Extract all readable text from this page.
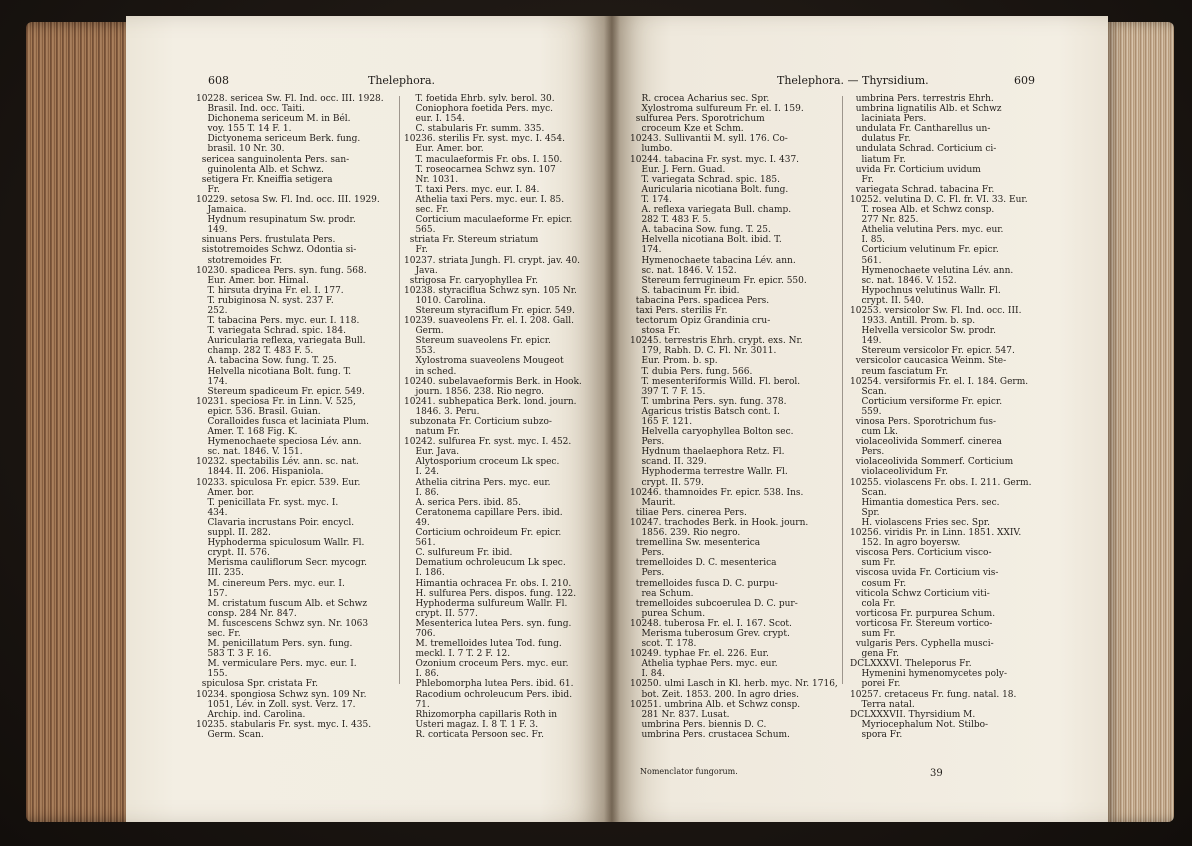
608	Thelephora.
10228. sericea Sw. Fl. Ind. occ. III. 1928.
Brasil. Ind. occ. Taiti.
Dichonema sericeum M. in Bél.
voy. 155 T. 14 F. 1.
Dictyonema sericeum Berk. fung.
brasil. 10 Nr. 30.
sericea sanguinolenta Pers. san-
guinolenta Alb. et Schwz.
setigera Fr. Kneiffia setigera
Fr.
10229. setosa Sw. Fl. Ind. occ. III. 1929.
Jamaica.
Hydnum resupinatum Sw. prodr.
149.
sinuans Pers. frustulata Pers.
sistotremoides Schwz. Odontia si-
stotremoides Fr.
10230. spadicea Pers. syn. fung. 568.
Eur. Amer. bor. Himal.
T. hirsuta dryina Fr. el. I. 177.
T. rubiginosa N. syst. 237 F.
252.
T. tabacina Pers. myc. eur. I. 118.
T. variegata Schrad. spic. 184.
Auricularia reflexa, variegata Bull.
champ. 282 T. 483 F. 5.
A. tabacina Sow. fung. T. 25.
Helvella nicotiana Bolt. fung. T.
174.
Stereum spadiceum Fr. epicr. 549.
10231. speciosa Fr. in Linn. V. 525,
epicr. 536. Brasil. Guian.
Coralloides fusca et laciniata Plum.
Amer. T. 168 Fig. K.
Hymenochaete speciosa Lév. ann.
sc. nat. 1846. V. 151.
10232. spectabilis Lév. ann. sc. nat.
1844. II. 206. Hispaniola.
10233. spiculosa Fr. epicr. 539. Eur.
Amer. bor.
T. penicillata Fr. syst. myc. I.
434.
Clavaria incrustans Poir. encycl.
suppl. II. 282.
Hyphoderma spiculosum Wallr. Fl.
crypt. II. 576.
Merisma cauliflorum Secr. mycogr.
III. 235.
M. cinereum Pers. myc. eur. I.
157.
M. cristatum fuscum Alb. et Schwz
consp. 284 Nr. 847.
M. fuscescens Schwz syn. Nr. 1063
sec. Fr.
M. penicillatum Pers. syn. fung.
583 T. 3 F. 16.
M. vermiculare Pers. myc. eur. I.
155.
spiculosa Spr. cristata Fr.
10234. spongiosa Schwz syn. 109 Nr.
1051, Lév. in Zoll. syst. Verz. 17.
Archip. ind. Carolina.
10235. stabularis Fr. syst. myc. I. 435.
Germ. Scan.
T. foetida Ehrb. sylv. berol. 30.
Coniophora foetida Pers. myc.
eur. I. 154.
C. stabularis Fr. summ. 335.
10236. sterilis Fr. syst. myc. I. 454.
Eur. Amer. bor.
T. maculaeformis Fr. obs. I. 150.
T. roseocarnea Schwz syn. 107
Nr. 1031.
T. taxi Pers. myc. eur. I. 84.
Athelia taxi Pers. myc. eur. I. 85.
sec. Fr.
Corticium maculaeforme Fr. epicr.
565.
striata Fr. Stereum striatum
Fr.
10237. striata Jungh. Fl. crypt. jav. 40.
Java.
strigosa Fr. caryophyllea Fr.
10238. styraciflua Schwz syn. 105 Nr.
1010. Carolina.
Stereum styraciflum Fr. epicr. 549.
10239. suaveolens Fr. el. I. 208. Gall.
Germ.
Stereum suaveolens Fr. epicr.
553.
Xylostroma suaveolens Mougeot
in sched.
10240. subelavaeformis Berk. in Hook.
journ. 1856. 238. Rio negro.
10241. subhepatica Berk. lond. journ.
1846. 3. Peru.
subzonata Fr. Corticium subzo-
natum Fr.
10242. sulfurea Fr. syst. myc. I. 452.
Eur. Java.
Alytosporium croceum Lk spec.
I. 24.
Athelia citrina Pers. myc. eur.
I. 86.
A. serica Pers. ibid. 85.
Ceratonema capillare Pers. ibid.
49.
Corticium ochroideum Fr. epicr.
561.
C. sulfureum Fr. ibid.
Dematium ochroleucum Lk spec.
I. 186.
Himantia ochracea Fr. obs. I. 210.
H. sulfurea Pers. dispos. fung. 122.
Hyphoderma sulfureum Wallr. Fl.
crypt. II. 577.
Mesenterica lutea Pers. syn. fung.
706.
M. tremelloides lutea Tod. fung.
meckl. I. 7 T. 2 F. 12.
Ozonium croceum Pers. myc. eur.
I. 86.
Phlebomorpha lutea Pers. ibid. 61.
Racodium ochroleucum Pers. ibid.
71.
Rhizomorpha capillaris Roth in
Usteri magaz. I. 8 T. 1 F. 3.
R. corticata Persoon sec. Fr.
Thelephora. — Thyrsidium.	609
R. crocea Acharius sec. Spr.
Xylostroma sulfureum Fr. el. I. 159.
sulfurea Pers. Sporotrichum
croceum Kze et Schm.
10243. Sullivantii M. syll. 176. Co-
lumbo.
10244. tabacina Fr. syst. myc. I. 437.
Eur. J. Fern. Guad.
T. variegata Schrad. spic. 185.
Auricularia nicotiana Bolt. fung.
T. 174.
A. reflexa variegata Bull. champ.
282 T. 483 F. 5.
A. tabacina Sow. fung. T. 25.
Helvella nicotiana Bolt. ibid. T.
174.
Hymenochaete tabacina Lév. ann.
sc. nat. 1846. V. 152.
Stereum ferrugineum Fr. epicr. 550.
S. tabacinum Fr. ibid.
tabacina Pers. spadicea Pers.
taxi Pers. sterilis Fr.
tectorum Opiz Grandinia cru-
stosa Fr.
10245. terrestris Ehrh. crypt. exs. Nr.
179, Rabh. D. C. Fl. Nr. 3011.
Eur. Prom. b. sp.
T. dubia Pers. fung. 566.
T. mesenteriformis Willd. Fl. berol.
397 T. 7 F. 15.
T. umbrina Pers. syn. fung. 378.
Agaricus tristis Batsch cont. I.
165 F. 121.
Helvella caryophyllea Bolton sec.
Pers.
Hydnum thaelaephora Retz. Fl.
scand. II. 329.
Hyphoderma terrestre Wallr. Fl.
crypt. II. 579.
10246. thamnoides Fr. epicr. 538. Ins.
Maurit.
tiliae Pers. cinerea Pers.
10247. trachodes Berk. in Hook. journ.
1856. 239. Rio negro.
tremellina Sw. mesenterica
Pers.
tremelloides D. C. mesenterica
Pers.
tremelloides fusca D. C. purpu-
rea Schum.
tremelloides subcoerulea D. C. pur-
purea Schum.
10248. tuberosa Fr. el. I. 167. Scot.
Merisma tuberosum Grev. crypt.
scot. T. 178.
10249. typhae Fr. el. 226. Eur.
Athelia typhae Pers. myc. eur.
I. 84.
10250. ulmi Lasch in Kl. herb. myc. Nr. 1716,
bot. Zeit. 1853. 200. In agro dries.
10251. umbrina Alb. et Schwz consp.
281 Nr. 837. Lusat.
umbrina Pers. biennis D. C.
umbrina Pers. crustacea Schum.
umbrina Pers. terrestris Ehrh.
umbrina lignatilis Alb. et Schwz
laciniata Pers.
undulata Fr. Cantharellus un-
dulatus Fr.
undulata Schrad. Corticium ci-
liatum Fr.
uvida Fr. Corticium uvidum
Fr.
variegata Schrad. tabacina Fr.
10252. velutina D. C. Fl. fr. VI. 33. Eur.
T. rosea Alb. et Schwz consp.
277 Nr. 825.
Athelia velutina Pers. myc. eur.
I. 85.
Corticium velutinum Fr. epicr.
561.
Hymenochaete velutina Lév. ann.
sc. nat. 1846. V. 152.
Hypochnus velutinus Wallr. Fl.
crypt. II. 540.
10253. versicolor Sw. Fl. Ind. occ. III.
1933. Antill. Prom. b. sp.
Helvella versicolor Sw. prodr.
149.
Stereum versicolor Fr. epicr. 547.
versicolor caucasica Weinm. Ste-
reum fasciatum Fr.
10254. versiformis Fr. el. I. 184. Germ.
Scan.
Corticium versiforme Fr. epicr.
559.
vinosa Pers. Sporotrichum fus-
cum Lk.
violaceolivida Sommerf. cinerea
Pers.
violaceolivida Sommerf. Corticium
violaceolividum Fr.
10255. violascens Fr. obs. I. 211. Germ.
Scan.
Himantia domestica Pers. sec.
Spr.
H. violascens Fries sec. Spr.
10256. viridis Pr. in Linn. 1851. XXIV.
152. In agro boyersw.
viscosa Pers. Corticium visco-
sum Fr.
viscosa uvida Fr. Corticium vis-
cosum Fr.
viticola Schwz Corticium viti-
cola Fr.
vorticosa Fr. purpurea Schum.
vorticosa Fr. Stereum vortico-
sum Fr.
vulgaris Pers. Cyphella musci-
gena Fr.
DCLXXXVI. Theleporus Fr.
Hymenini hymenomycetes poly-
porei Fr.
10257. cretaceus Fr. fung. natal. 18.
Terra natal.
DCLXXXVII. Thyrsidium M.
Myriocephalum Not. Stilbo-
spora Fr.
Nomenclator fungorum.	39
